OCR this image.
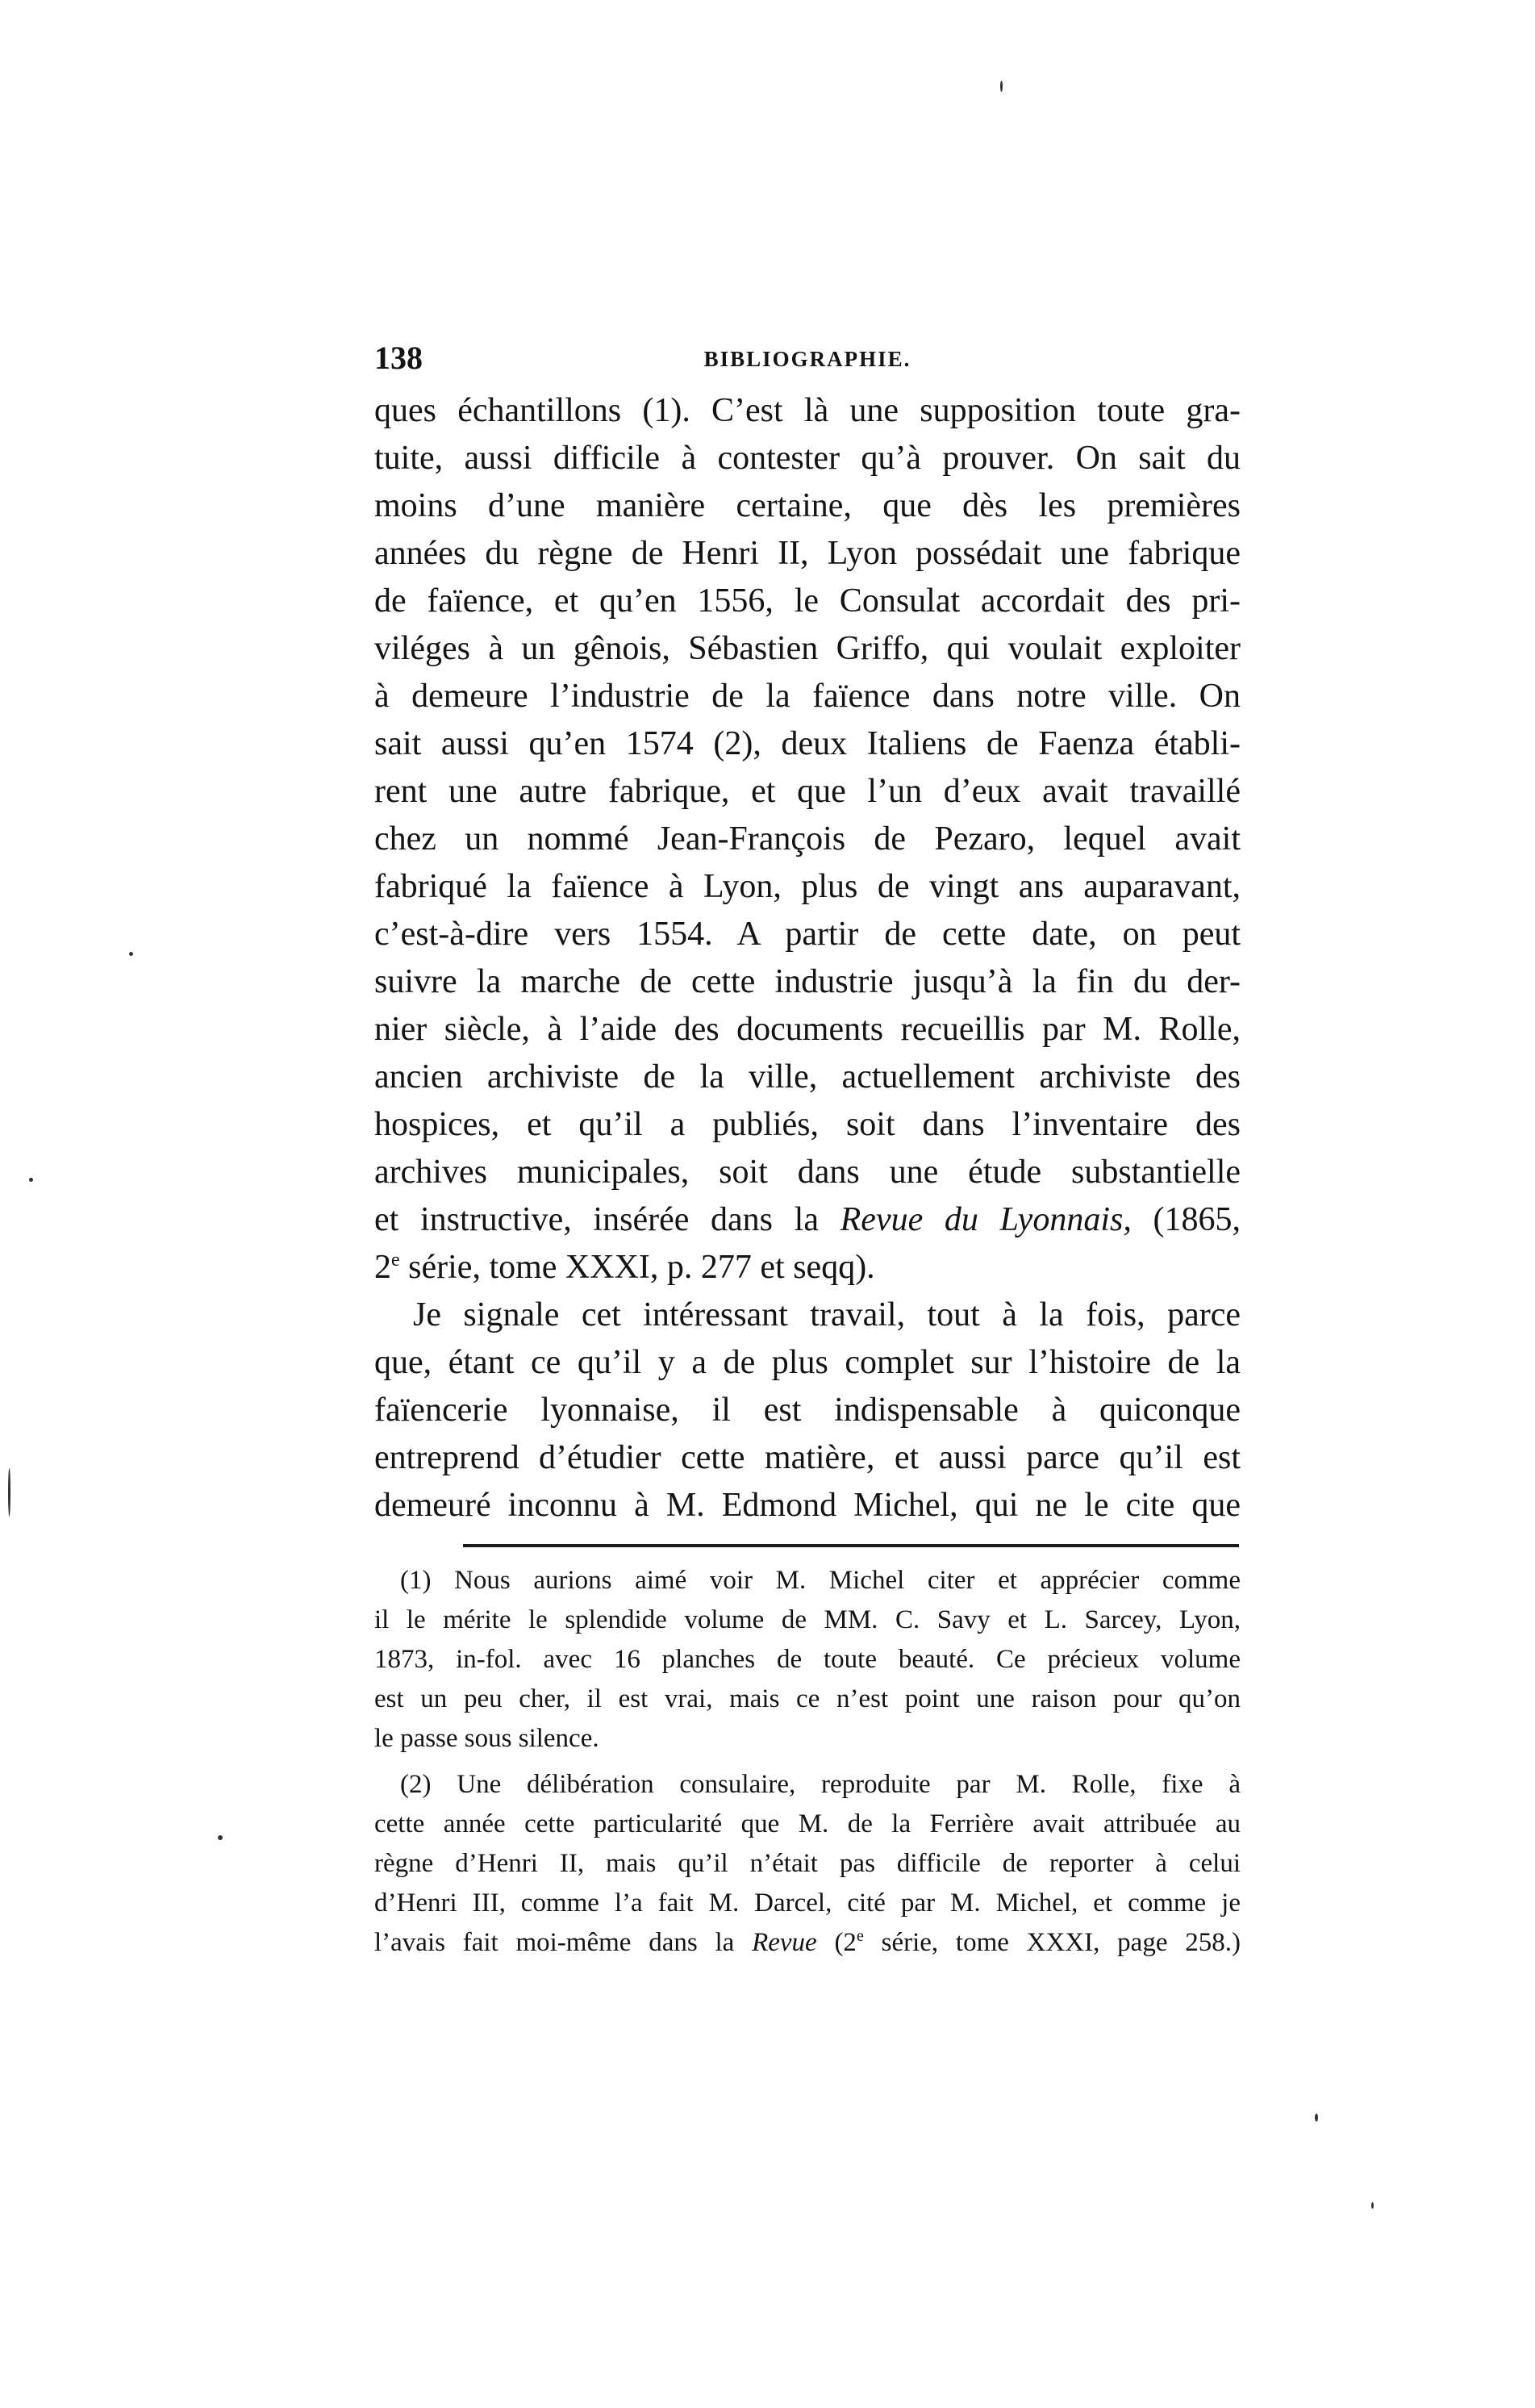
138	BIBLIOGRAPHIE.
ques échantillons (1). C’est là une supposition toute gra-
tuite, aussi difficile à contester qu’à prouver. On sait du
moins d’une manière certaine, que dès les premières
années du règne de Henri II, Lyon possédait une fabrique
de faïence, et qu’en 1556, le Consulat accordait des pri-
viléges à un gênois, Sébastien Griffo, qui voulait exploiter
à demeure l’industrie de la faïence dans notre ville. On
sait aussi qu’en 1574 (2), deux Italiens de Faenza établi-
rent une autre fabrique, et que l’un d’eux avait travaillé
chez un nommé Jean-François de Pezaro, lequel avait
fabriqué la faïence à Lyon, plus de vingt ans auparavant,
c’est-à-dire vers 1554. A partir de cette date, on peut
suivre la marche de cette industrie jusqu’à la fin du der-
nier siècle, à l’aide des documents recueillis par M. Rolle,
ancien archiviste de la ville, actuellement archiviste des
hospices, et qu’il a publiés, soit dans l’inventaire des
archives municipales, soit dans une étude substantielle
et instructive, insérée dans la Revue du Lyonnais, (1865,
2e série, tome XXXI, p. 277 et seqq).
Je signale cet intéressant travail, tout à la fois, parce
que, étant ce qu’il y a de plus complet sur l’histoire de la
faïencerie lyonnaise, il est indispensable à quiconque
entreprend d’étudier cette matière, et aussi parce qu’il est
demeuré inconnu à M. Edmond Michel, qui ne le cite que
(1) Nous aurions aimé voir M. Michel citer et apprécier comme
il le mérite le splendide volume de MM. C. Savy et L. Sarcey, Lyon,
1873, in-fol. avec 16 planches de toute beauté. Ce précieux volume
est un peu cher, il est vrai, mais ce n’est point une raison pour qu’on
le passe sous silence.
(2) Une délibération consulaire, reproduite par M. Rolle, fixe à
cette année cette particularité que M. de la Ferrière avait attribuée au
règne d’Henri II, mais qu’il n’était pas difficile de reporter à celui
d’Henri III, comme l’a fait M. Darcel, cité par M. Michel, et comme je
l’avais fait moi-même dans la Revue (2e série, tome XXXI, page 258.)
